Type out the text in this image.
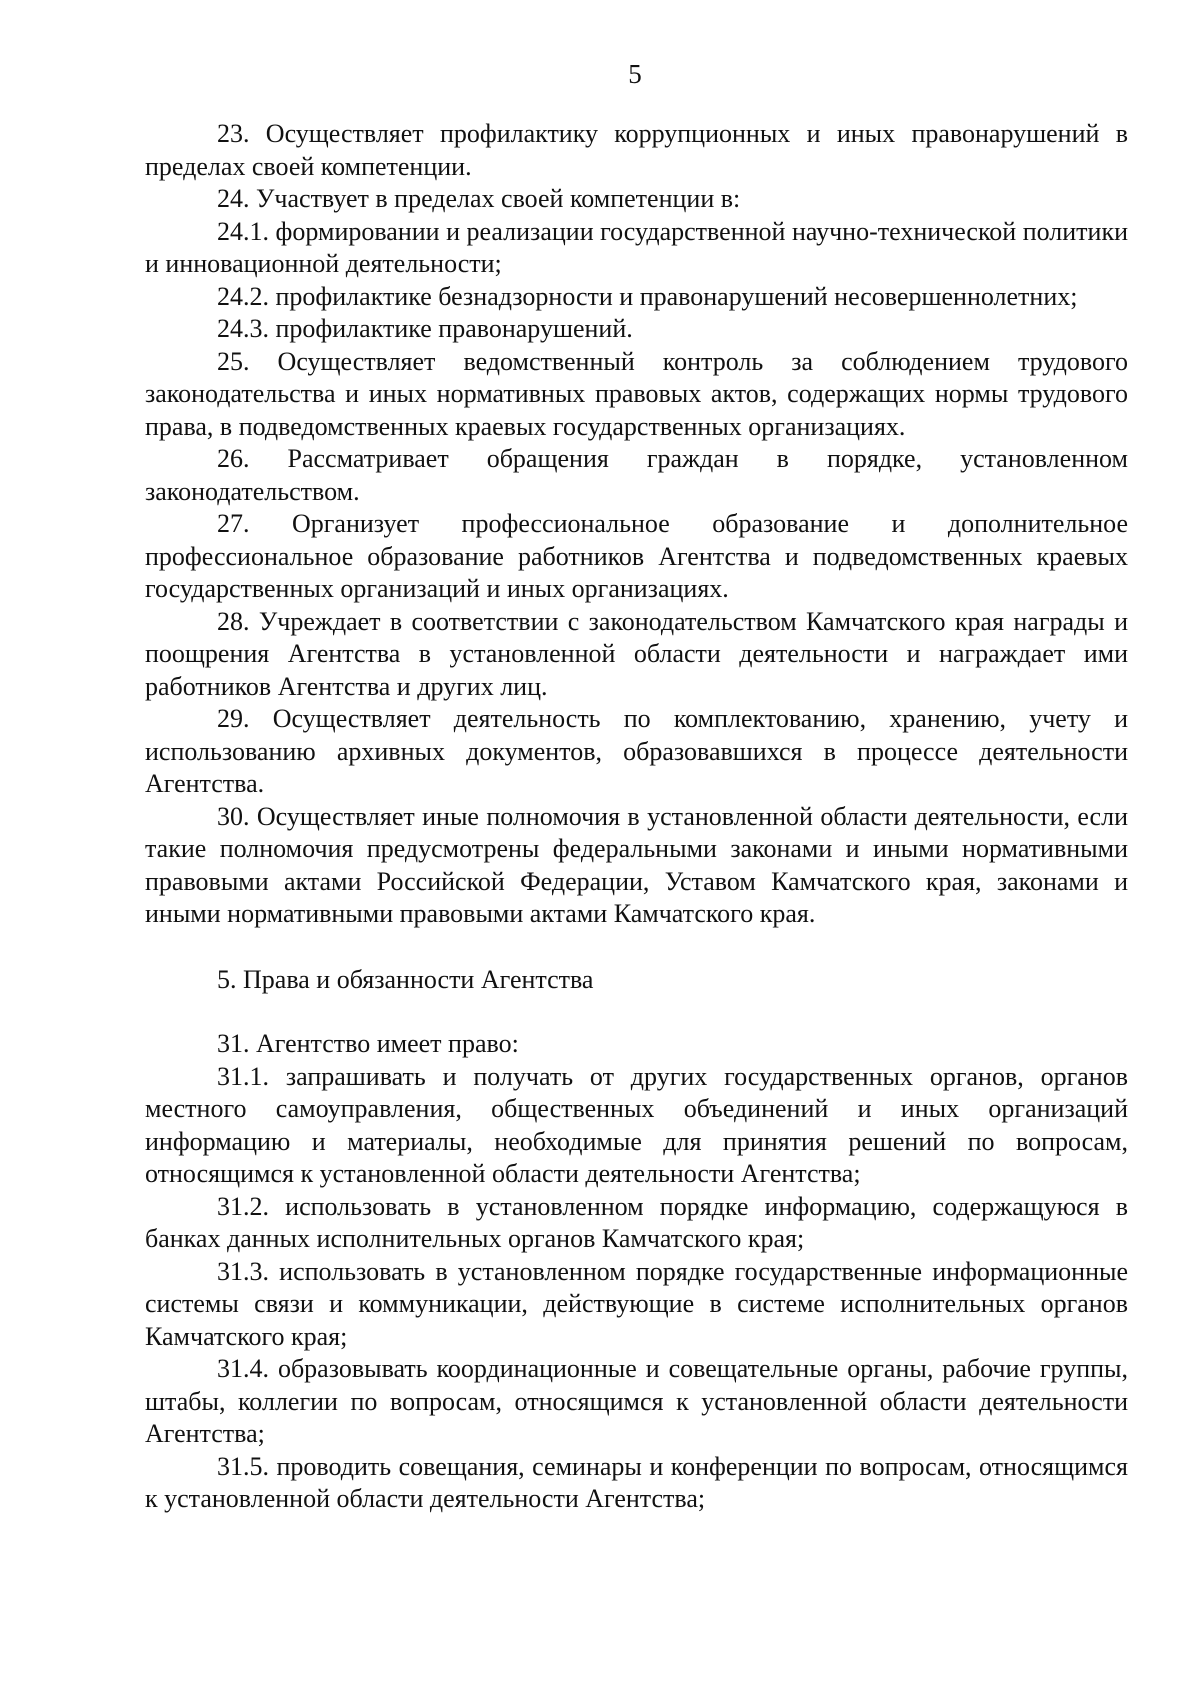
5

23. Осуществляет профилактику коррупционных и иных правонарушений в пределах своей компетенции.

24. Участвует в пределах своей компетенции в:

24.1. формировании и реализации государственной научно-технической политики и инновационной деятельности;

24.2. профилактике безнадзорности и правонарушений несовершеннолетних;

24.3. профилактике правонарушений.

25. Осуществляет ведомственный контроль за соблюдением трудового законодательства и иных нормативных правовых актов, содержащих нормы трудового права, в подведомственных краевых государственных организациях.

26. Рассматривает обращения граждан в порядке, установленном законодательством.

27. Организует профессиональное образование и дополнительное профессиональное образование работников Агентства и подведомственных краевых государственных организаций и иных организациях.

28. Учреждает в соответствии с законодательством Камчатского края награды и поощрения Агентства в установленной области деятельности и награждает ими работников Агентства и других лиц.

29. Осуществляет деятельность по комплектованию, хранению, учету и использованию архивных документов, образовавшихся в процессе деятельности Агентства.

30. Осуществляет иные полномочия в установленной области деятельности, если такие полномочия предусмотрены федеральными законами и иными нормативными правовыми актами Российской Федерации, Уставом Камчатского края, законами и иными нормативными правовыми актами Камчатского края.

5. Права и обязанности Агентства

31. Агентство имеет право:

31.1. запрашивать и получать от других государственных органов, органов местного самоуправления, общественных объединений и иных организаций информацию и материалы, необходимые для принятия решений по вопросам, относящимся к установленной области деятельности Агентства;

31.2. использовать в установленном порядке информацию, содержащуюся в банках данных исполнительных органов Камчатского края;

31.3. использовать в установленном порядке государственные информационные системы связи и коммуникации, действующие в системе исполнительных органов Камчатского края;

31.4. образовывать координационные и совещательные органы, рабочие группы, штабы, коллегии по вопросам, относящимся к установленной области деятельности Агентства;

31.5. проводить совещания, семинары и конференции по вопросам, относящимся к установленной области деятельности Агентства;
